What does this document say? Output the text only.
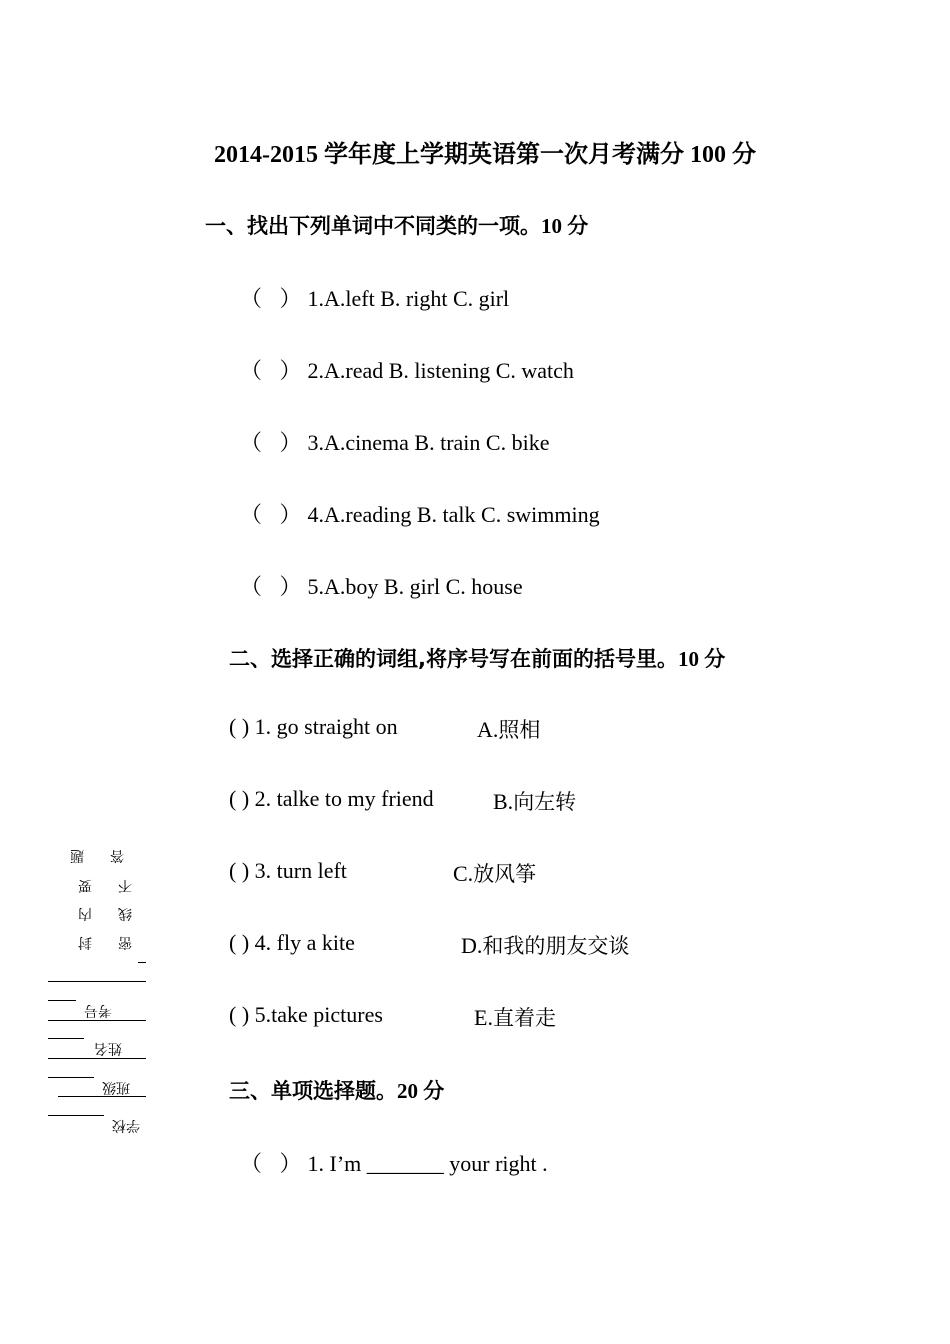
2014-2015 学年度上学期英语第一次月考满分 100 分
一、找出下列单词中不同类的一项。10 分
（ ）1.A.left B. right C. girl
（ ）2.A.read B. listening C. watch
（ ）3.A.cinema B. train C. bike
（ ）4.A.reading B. talk C. swimming
（ ）5.A.boy B. girl C. house
二、选择正确的词组,将序号写在前面的括号里。10 分
( ) 1. go straight on	A.照相
( ) 2. talke to my friend	B.向左转
( ) 3. turn left	C.放风筝
( ) 4. fly a kite	D.和我的朋友交谈
( ) 5.take pictures	E.直着走
三、单项选择题。20 分
（ ）1. I’m _______ your right .
题
要
内
封
答
不
线
密
考号
姓名
班级
学校
